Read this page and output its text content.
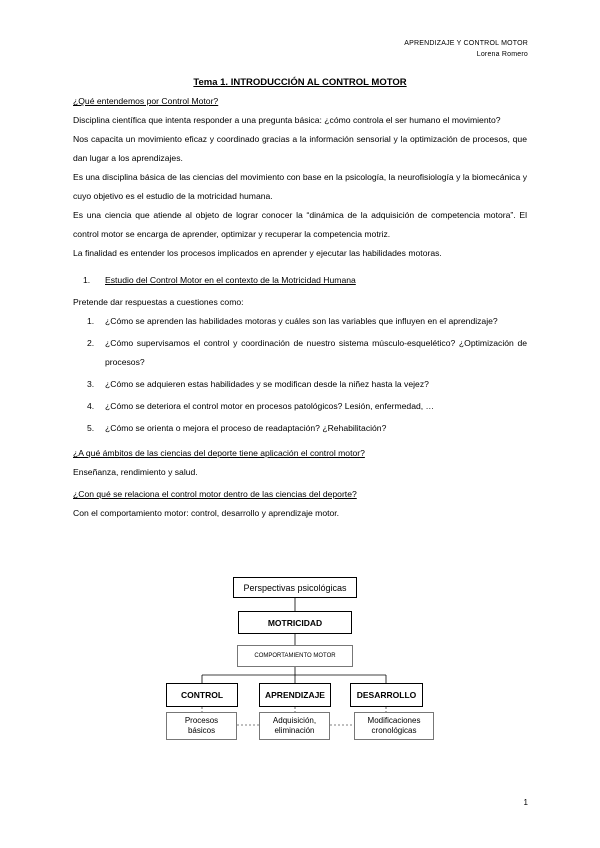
APRENDIZAJE Y CONTROL MOTOR
Lorena Romero

Tema 1. INTRODUCCIÓN AL CONTROL MOTOR

¿Qué entendemos por Control Motor?

Disciplina científica que intenta responder a una pregunta básica: ¿cómo controla el ser humano el movimiento?

Nos capacita un movimiento eficaz y coordinado gracias a la información sensorial y la optimización de procesos, que dan lugar a los aprendizajes.

Es una disciplina básica de las ciencias del movimiento con base en la psicología, la neurofisiología y la biomecánica y cuyo objetivo es el estudio de la motricidad humana.

Es una ciencia que atiende al objeto de lograr conocer la “dinámica de la adquisición de competencia motora”. El control motor se encarga de aprender, optimizar y recuperar la competencia motriz.

La finalidad es entender los procesos implicados en aprender y ejecutar las habilidades motoras.

1. Estudio del Control Motor en el contexto de la Motricidad Humana

Pretende dar respuestas a cuestiones como:

1.	¿Cómo se aprenden las habilidades motoras y cuáles son las variables que influyen en el aprendizaje?
2.	¿Cómo supervisamos el control y coordinación de nuestro sistema músculo-esquelético? ¿Optimización de procesos?
3.	¿Cómo se adquieren estas habilidades y se modifican desde la niñez hasta la vejez?
4.	¿Cómo se deteriora el control motor en procesos patológicos? Lesión, enfermedad, …
5.	¿Cómo se orienta o mejora el proceso de readaptación? ¿Rehabilitación?

¿A qué ámbitos de las ciencias del deporte tiene aplicación el control motor?

Enseñanza, rendimiento y salud.

¿Con qué se relaciona el control motor dentro de las ciencias del deporte?

Con el comportamiento motor: control, desarrollo y aprendizaje motor.

Perspectivas psicológicas
MOTRICIDAD
COMPORTAMIENTO MOTOR
CONTROL	APRENDIZAJE	DESARROLLO
Procesos
básicos
Adquisición,
eliminación
Modificaciones
cronológicas
1
